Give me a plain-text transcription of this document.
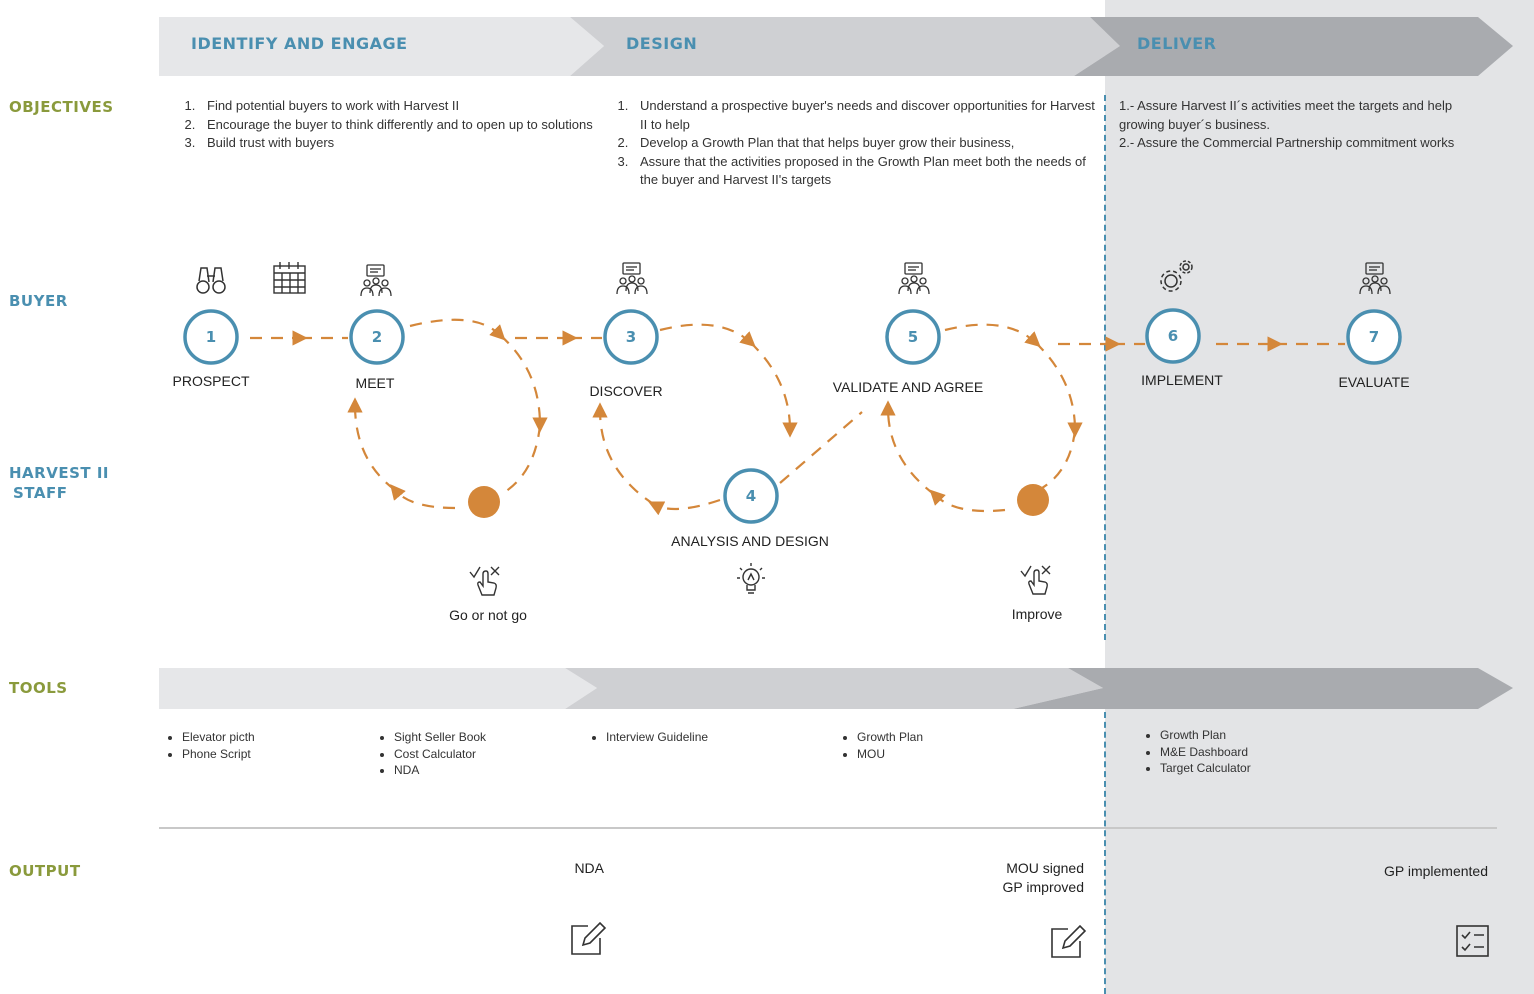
IDENTIFY AND ENGAGE	DESIGN	DELIVER
OBJECTIVES
BUYER
HARVEST II
STAFF
TOOLS
OUTPUT
1. Find potential buyers to work with Harvest II
2. Encourage the buyer to think differently and to open up to solutions
3. Build trust with buyers
1. Understand a prospective buyer's needs and discover opportunities for Harvest II to help
2. Develop a Growth Plan that that helps buyer grow their business,
3. Assure that the activities proposed in the Growth Plan meet both the needs of the buyer and Harvest II's targets
1.- Assure Harvest II´s activities meet the targets and help growing buyer´s business.
2.- Assure the Commercial Partnership commitment works
1	2	3
4
5	6	7
PROSPECT	MEET	DISCOVER
ANALYSIS AND DESIGN
VALIDATE AND AGREE	IMPLEMENT	EVALUATE
Go or not go	Improve
• Elevator picth
• Phone Script
• Sight Seller Book
• Cost Calculator
• NDA
• Interview Guideline
•	Growth Plan
• MOU
• Growth Plan
• M&E Dashboard
• Target Calculator
NDA	MOU signed
GP improved
GP implemented
